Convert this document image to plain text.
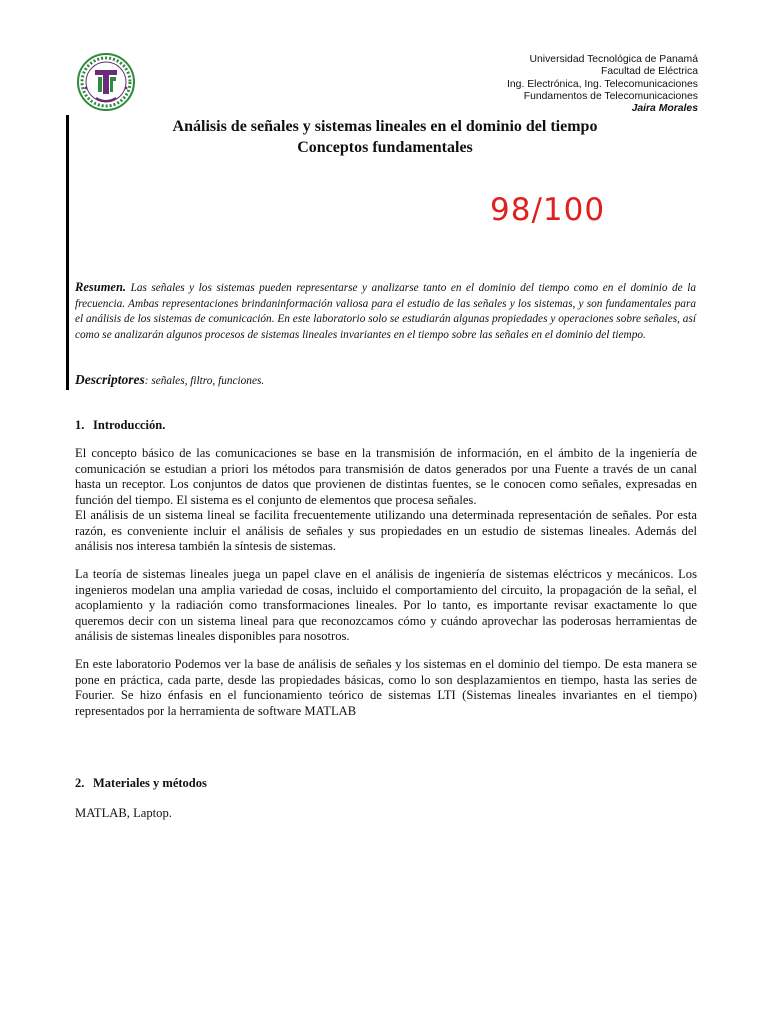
Universidad Tecnológica de Panamá
Facultad de Eléctrica
Ing. Electrónica, Ing. Telecomunicaciones
Fundamentos de Telecomunicaciones
Jaira Morales
Análisis de señales y sistemas lineales en el dominio del tiempo
Conceptos fundamentales
98/100
Resumen. Las señales y los sistemas pueden representarse y analizarse tanto en el dominio del tiempo como en el dominio de la frecuencia. Ambas representaciones brindaninformación valiosa para el estudio de las señales y los sistemas, y son fundamentales para el análisis de los sistemas de comunicación. En este laboratorio solo se estudiarán algunas propiedades y operaciones sobre señales, así como se analizarán algunos procesos de sistemas lineales invariantes en el tiempo sobre las señales en el dominio del tiempo.
Descriptores: señales, filtro, funciones.
1. Introducción.

El concepto básico de las comunicaciones se base en la transmisión de información, en el ámbito de la ingeniería de comunicación se estudian a priori los métodos para transmisión de datos generados por una Fuente a través de un canal hasta un receptor. Los conjuntos de datos que provienen de distintas fuentes, se le conocen como señales, expresadas en función del tiempo. El sistema es el conjunto de elementos que procesa señales.
El análisis de un sistema lineal se facilita frecuentemente utilizando una determinada representación de señales. Por esta razón, es conveniente incluir el análisis de señales y sus propiedades en un estudio de sistemas lineales. Además del análisis nos interesa también la síntesis de sistemas.

La teoría de sistemas lineales juega un papel clave en el análisis de ingeniería de sistemas eléctricos y mecánicos. Los ingenieros modelan una amplia variedad de cosas, incluido el comportamiento del circuito, la propagación de la señal, el acoplamiento y la radiación como transformaciones lineales. Por lo tanto, es importante revisar exactamente lo que queremos decir con un sistema lineal para que reconozcamos cómo y cuándo aprovechar las poderosas herramientas de análisis de sistemas lineales disponibles para nosotros.

En este laboratorio Podemos ver la base de análisis de señales y los sistemas en el dominio del tiempo. De esta manera se pone en práctica, cada parte, desde las propiedades básicas, como lo son desplazamientos en tiempo, hasta las series de Fourier. Se hizo énfasis en el funcionamiento teórico de sistemas LTI (Sistemas lineales invariantes en el tiempo) representados por la herramienta de software MATLAB

2. Materiales y métodos

MATLAB, Laptop.
